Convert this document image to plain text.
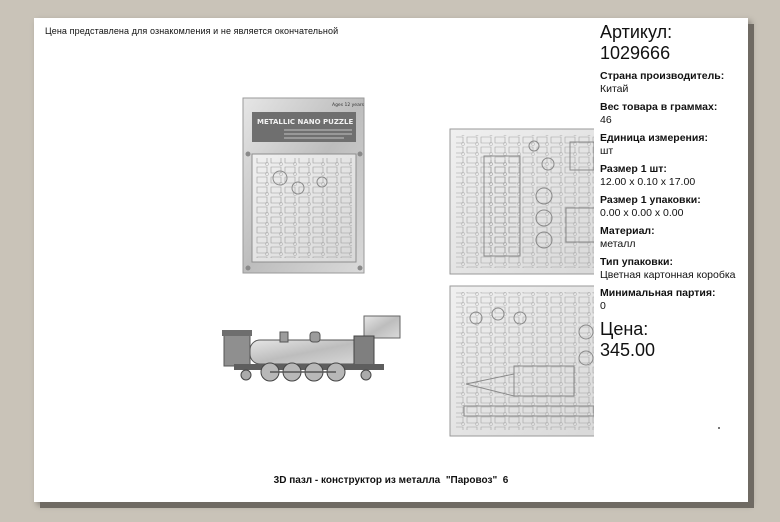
Цена представлена для ознакомления и не является окончательной
METALLIC NANO PUZZLE
Ages 12 years
Артикул:
1029666
Страна производитель:
Китай
Вес товара в граммах:
46
Единица измерения:
шт
Размер 1 шт:
12.00 x 0.10 x 17.00
Размер 1 упаковки:
0.00 x 0.00 x 0.00
Материал:
металл
Тип упаковки:
Цветная картонная коробка
Минимальная партия:
0
Цена:
345.00
3D пазл - конструктор из металла "Паровоз" 6
